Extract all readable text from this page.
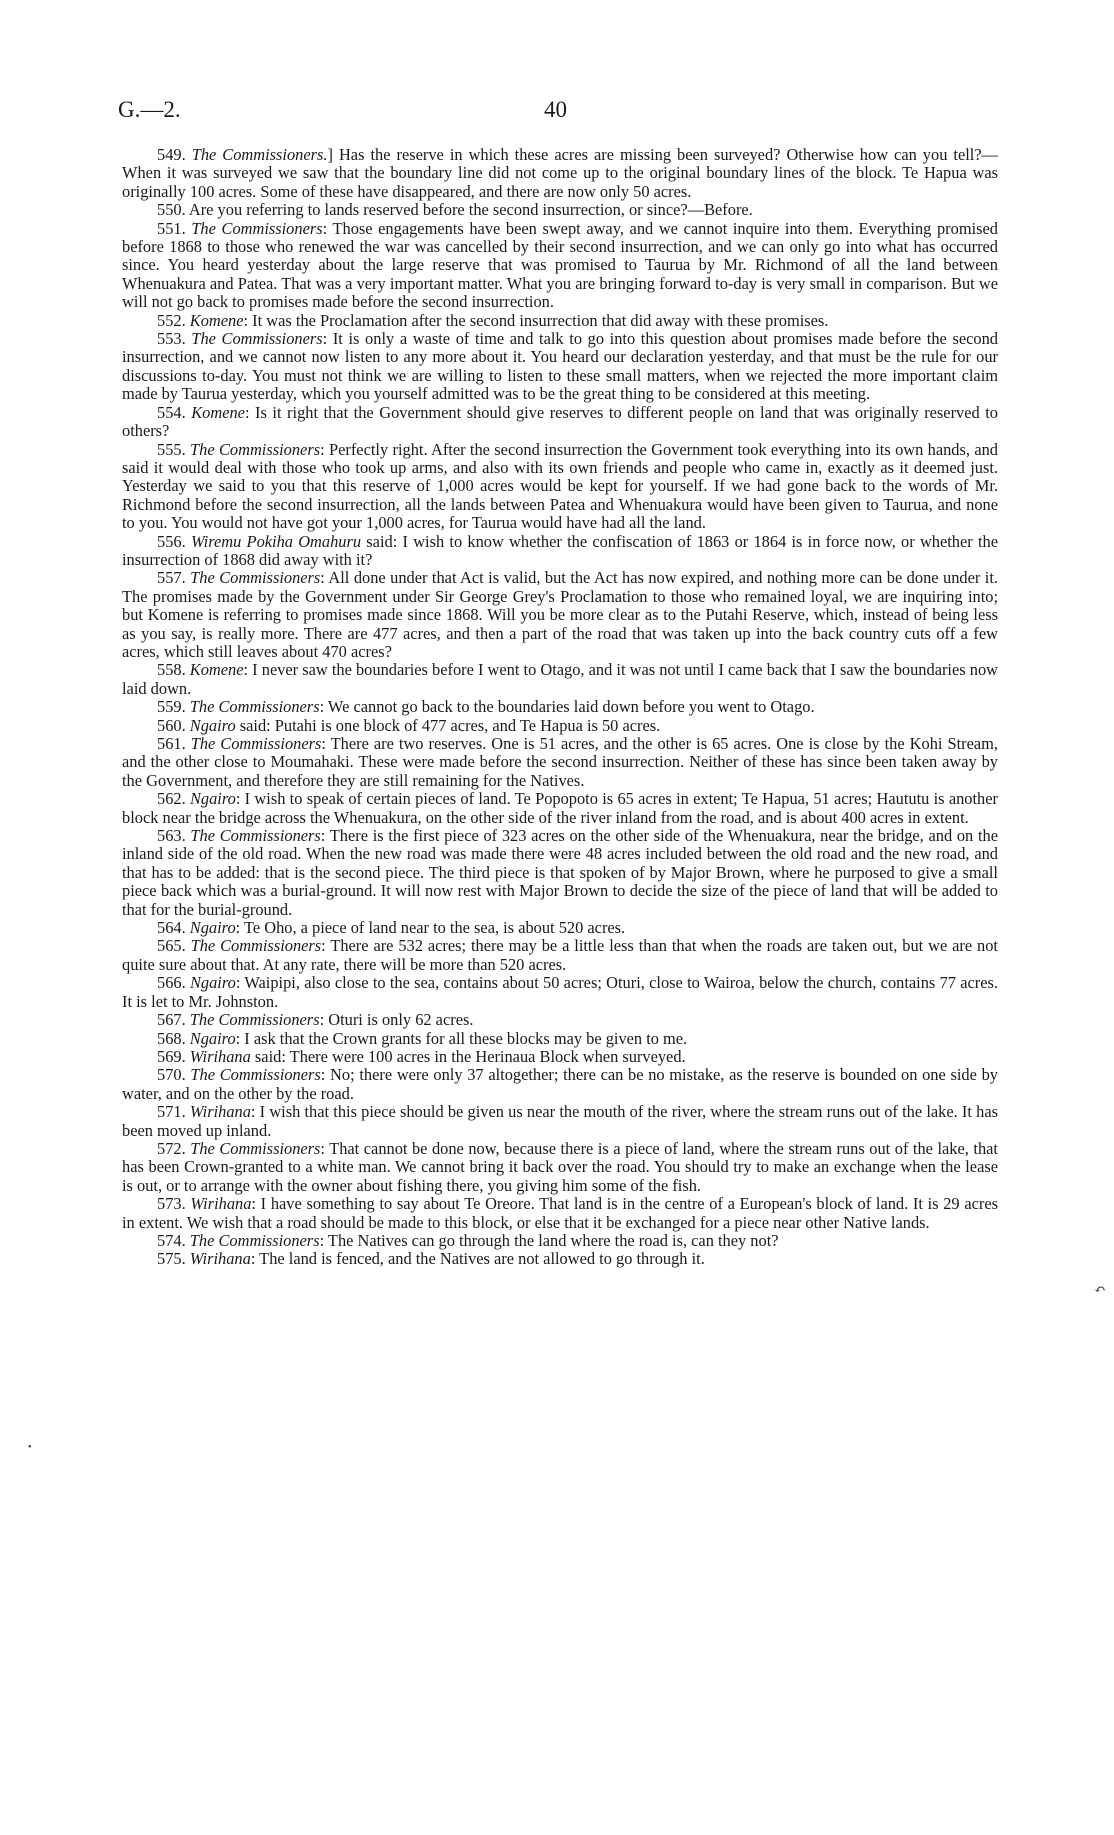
G.—2.	40

549. The Commissioners.] Has the reserve in which these acres are missing been surveyed? Otherwise how can you tell?—When it was surveyed we saw that the boundary line did not come up to the original boundary lines of the block. Te Hapua was originally 100 acres. Some of these have disappeared, and there are now only 50 acres.

550. Are you referring to lands reserved before the second insurrection, or since?—Before.

551. The Commissioners: Those engagements have been swept away, and we cannot inquire into them. Everything promised before 1868 to those who renewed the war was cancelled by their second insurrection, and we can only go into what has occurred since. You heard yesterday about the large reserve that was promised to Taurua by Mr. Richmond of all the land between Whenuakura and Patea. That was a very important matter. What you are bringing forward to-day is very small in comparison. But we will not go back to promises made before the second insurrection.

552. Komene: It was the Proclamation after the second insurrection that did away with these promises.

553. The Commissioners: It is only a waste of time and talk to go into this question about promises made before the second insurrection, and we cannot now listen to any more about it. You heard our declaration yesterday, and that must be the rule for our discussions to-day. You must not think we are willing to listen to these small matters, when we rejected the more important claim made by Taurua yesterday, which you yourself admitted was to be the great thing to be considered at this meeting.

554. Komene: Is it right that the Government should give reserves to different people on land that was originally reserved to others?

555. The Commissioners: Perfectly right. After the second insurrection the Government took everything into its own hands, and said it would deal with those who took up arms, and also with its own friends and people who came in, exactly as it deemed just. Yesterday we said to you that this reserve of 1,000 acres would be kept for yourself. If we had gone back to the words of Mr. Richmond before the second insurrection, all the lands between Patea and Whenuakura would have been given to Taurua, and none to you. You would not have got your 1,000 acres, for Taurua would have had all the land.

556. Wiremu Pokiha Omahuru said: I wish to know whether the confiscation of 1863 or 1864 is in force now, or whether the insurrection of 1868 did away with it?

557. The Commissioners: All done under that Act is valid, but the Act has now expired, and nothing more can be done under it. The promises made by the Government under Sir George Grey's Proclamation to those who remained loyal, we are inquiring into; but Komene is referring to promises made since 1868. Will you be more clear as to the Putahi Reserve, which, instead of being less as you say, is really more. There are 477 acres, and then a part of the road that was taken up into the back country cuts off a few acres, which still leaves about 470 acres?

558. Komene: I never saw the boundaries before I went to Otago, and it was not until I came back that I saw the boundaries now laid down.

559. The Commissioners: We cannot go back to the boundaries laid down before you went to Otago.

560. Ngairo said: Putahi is one block of 477 acres, and Te Hapua is 50 acres.

561. The Commissioners: There are two reserves. One is 51 acres, and the other is 65 acres. One is close by the Kohi Stream, and the other close to Moumahaki. These were made before the second insurrection. Neither of these has since been taken away by the Government, and therefore they are still remaining for the Natives.

562. Ngairo: I wish to speak of certain pieces of land. Te Popopoto is 65 acres in extent; Te Hapua, 51 acres; Haututu is another block near the bridge across the Whenuakura, on the other side of the river inland from the road, and is about 400 acres in extent.

563. The Commissioners: There is the first piece of 323 acres on the other side of the Whenuakura, near the bridge, and on the inland side of the old road. When the new road was made there were 48 acres included between the old road and the new road, and that has to be added: that is the second piece. The third piece is that spoken of by Major Brown, where he purposed to give a small piece back which was a burial-ground. It will now rest with Major Brown to decide the size of the piece of land that will be added to that for the burial-ground.

564. Ngairo: Te Oho, a piece of land near to the sea, is about 520 acres.

565. The Commissioners: There are 532 acres; there may be a little less than that when the roads are taken out, but we are not quite sure about that. At any rate, there will be more than 520 acres.

566. Ngairo: Waipipi, also close to the sea, contains about 50 acres; Oturi, close to Wairoa, below the church, contains 77 acres. It is let to Mr. Johnston.

567. The Commissioners: Oturi is only 62 acres.

568. Ngairo: I ask that the Crown grants for all these blocks may be given to me.

569. Wirihana said: There were 100 acres in the Herinaua Block when surveyed.

570. The Commissioners: No; there were only 37 altogether; there can be no mistake, as the reserve is bounded on one side by water, and on the other by the road.

571. Wirihana: I wish that this piece should be given us near the mouth of the river, where the stream runs out of the lake. It has been moved up inland.

572. The Commissioners: That cannot be done now, because there is a piece of land, where the stream runs out of the lake, that has been Crown-granted to a white man. We cannot bring it back over the road. You should try to make an exchange when the lease is out, or to arrange with the owner about fishing there, you giving him some of the fish.

573. Wirihana: I have something to say about Te Oreore. That land is in the centre of a European's block of land. It is 29 acres in extent. We wish that a road should be made to this block, or else that it be exchanged for a piece near other Native lands.

574. The Commissioners: The Natives can go through the land where the road is, can they not?

575. Wirihana: The land is fenced, and the Natives are not allowed to go through it.

↶
•
